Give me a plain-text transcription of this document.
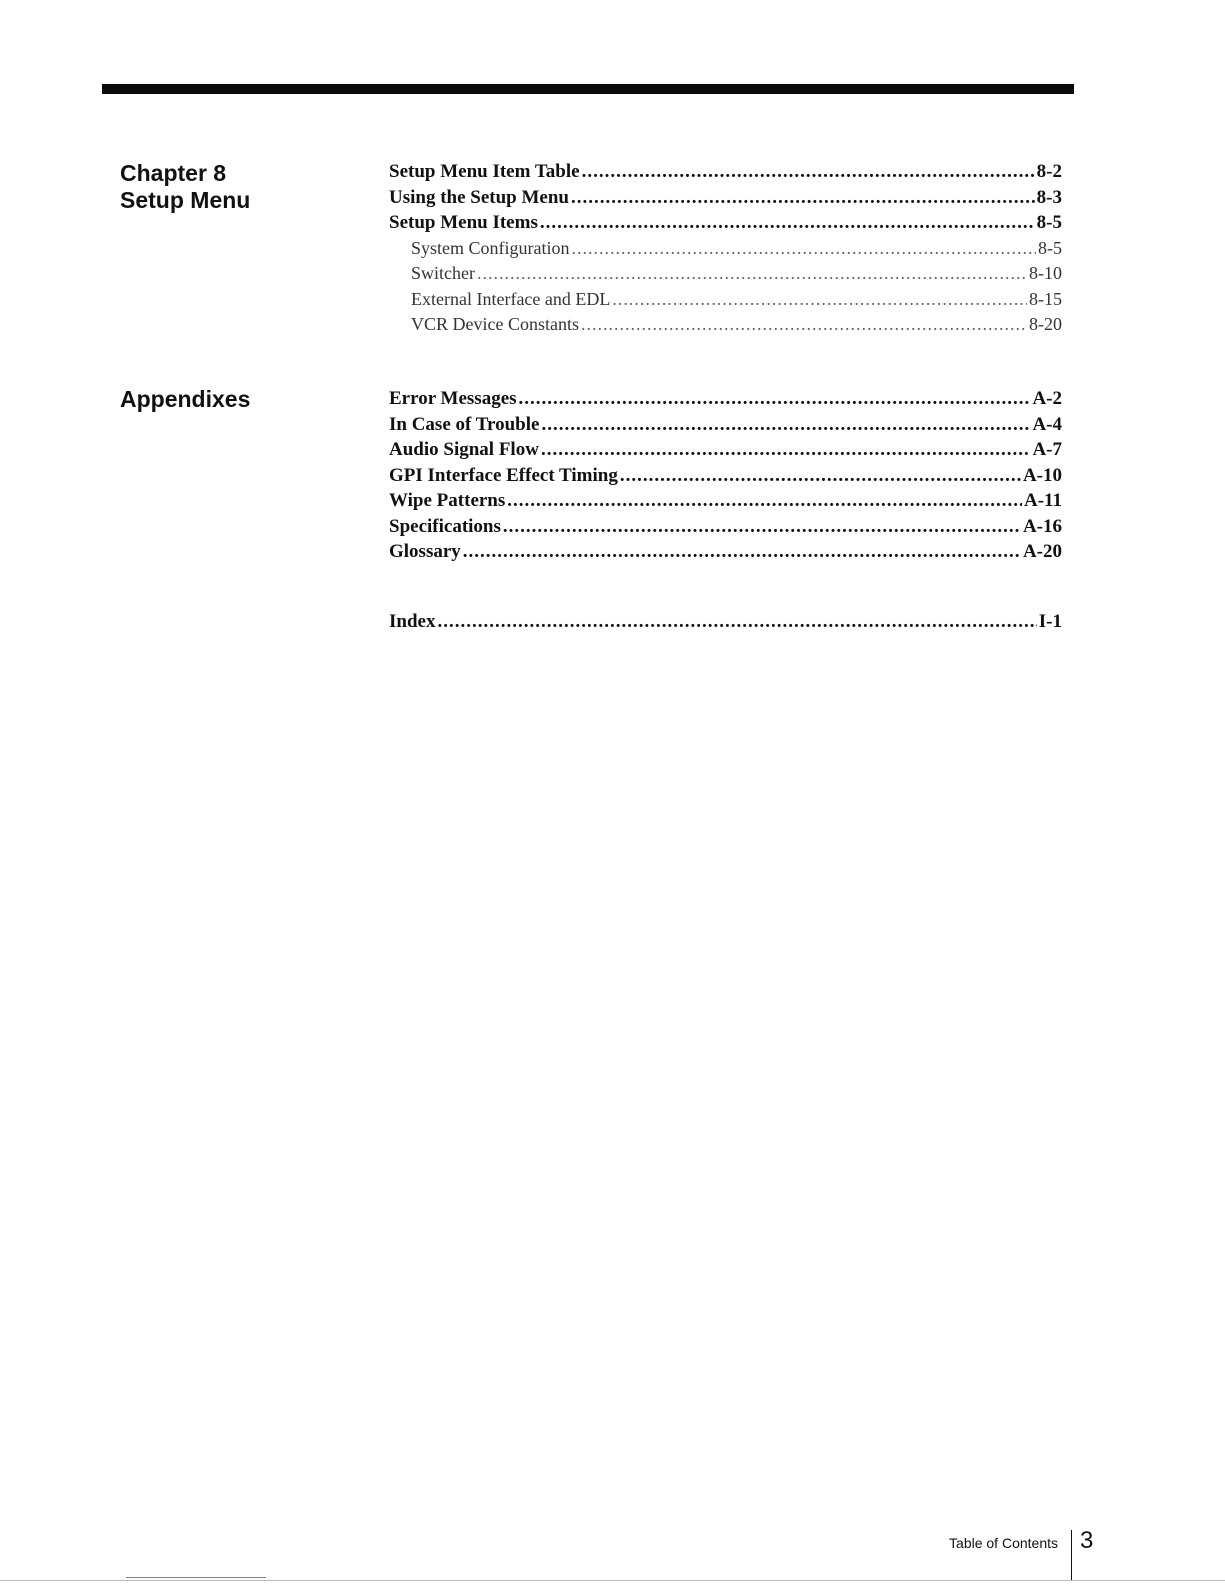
Chapter 8
Setup Menu
Setup Menu Item Table .....	8-2
Using the Setup Menu .....	8-3
Setup Menu Items .....	8-5
System Configuration .....	8-5
Switcher .....	8-10
External Interface and EDL .....	8-15
VCR Device Constants .....	8-20
Appendixes	Error Messages .....	A-2
In Case of Trouble .....	A-4
Audio Signal Flow .....	A-7
GPI Interface Effect Timing .....	A-10
Wipe Patterns .....	A-11
Specifications .....	A-16
Glossary .....	A-20
Index .....	I-1
Table of Contents 3
